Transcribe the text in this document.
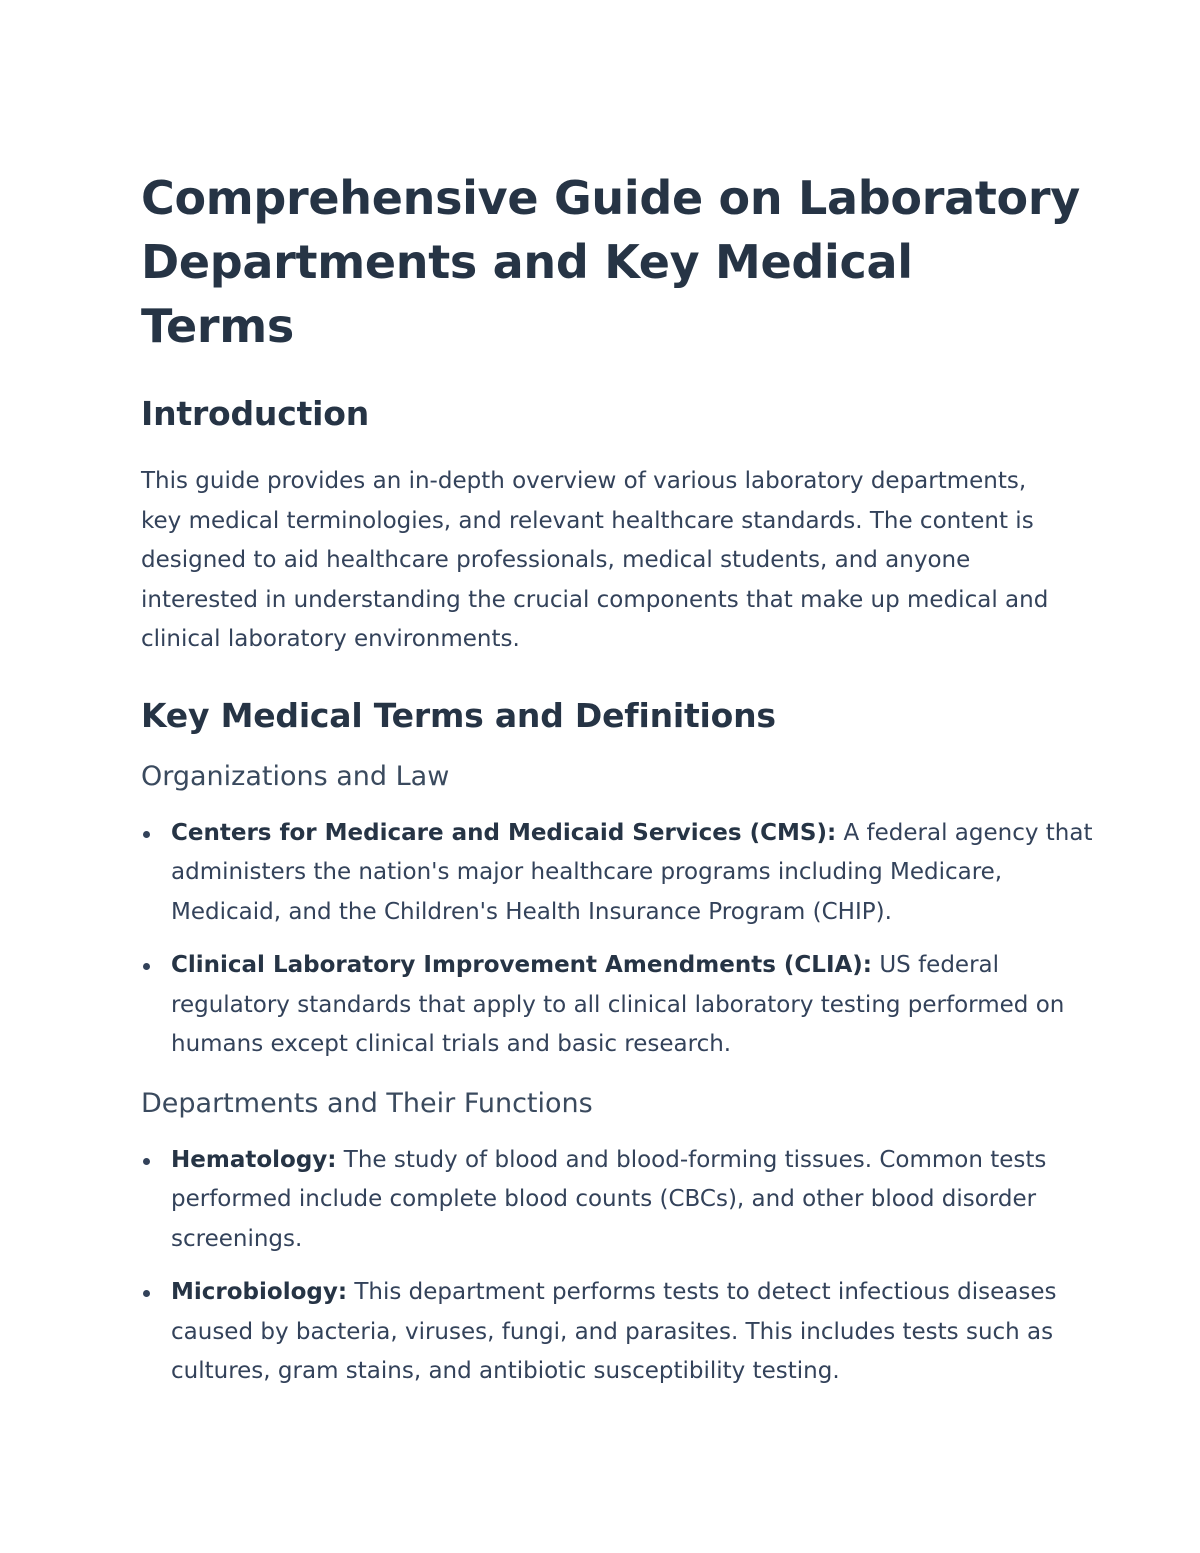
Comprehensive Guide on Laboratory Departments and Key Medical Terms
Introduction

This guide provides an in-depth overview of various laboratory departments, key medical terminologies, and relevant healthcare standards. The content is designed to aid healthcare professionals, medical students, and anyone interested in understanding the crucial components that make up medical and clinical laboratory environments.

Key Medical Terms and Definitions
Organizations and Law
Centers for Medicare and Medicaid Services (CMS): A federal agency that administers the nation's major healthcare programs including Medicare, Medicaid, and the Children's Health Insurance Program (CHIP).
Clinical Laboratory Improvement Amendments (CLIA): US federal regulatory standards that apply to all clinical laboratory testing performed on humans except clinical trials and basic research.
Departments and Their Functions
Hematology: The study of blood and blood-forming tissues. Common tests performed include complete blood counts (CBCs), and other blood disorder screenings.
Microbiology: This department performs tests to detect infectious diseases caused by bacteria, viruses, fungi, and parasites. This includes tests such as cultures, gram stains, and antibiotic susceptibility testing.
